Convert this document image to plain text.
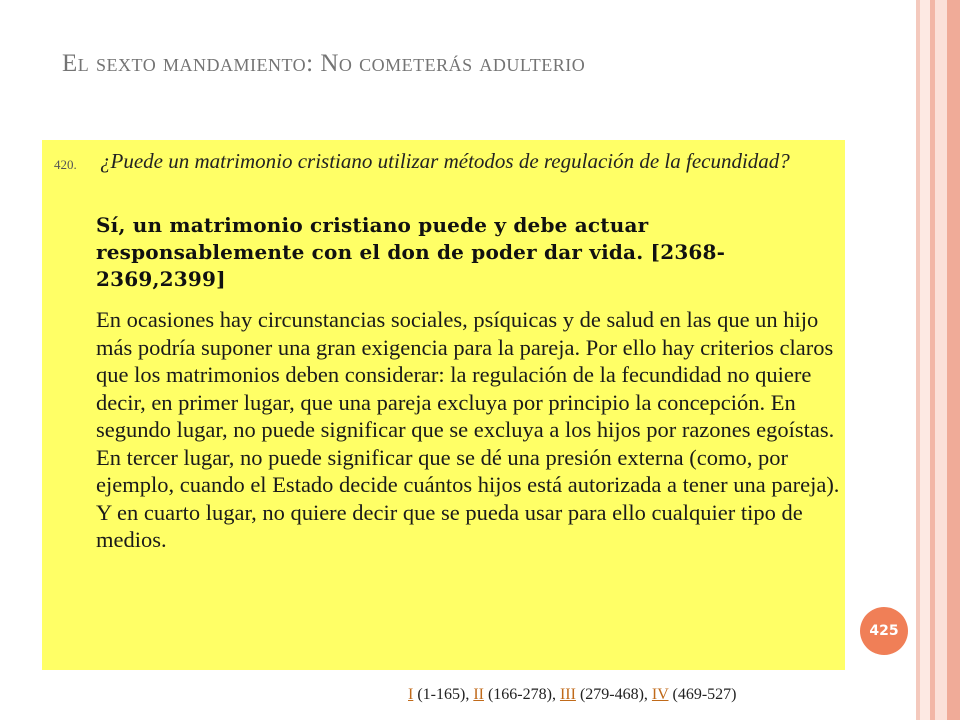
El sexto mandamiento: No cometerás adulterio
420. ¿Puede un matrimonio cristiano utilizar métodos de regulación de la fecundidad?
Sí, un matrimonio cristiano puede y debe actuar responsablemente con el don de poder dar vida. [2368-2369,2399]
En ocasiones hay circunstancias sociales, psíquicas y de salud en las que un hijo más podría suponer una gran exigencia para la pareja. Por ello hay criterios claros que los matrimonios deben considerar: la regulación de la fecundidad no quiere decir, en primer lugar, que una pareja excluya por principio la concepción. En segundo lugar, no puede significar que se excluya a los hijos por razones egoístas. En tercer lugar, no puede significar que se dé una presión externa (como, por ejemplo, cuando el Estado decide cuántos hijos está autorizada a tener una pareja). Y en cuarto lugar, no quiere decir que se pueda usar para ello cualquier tipo de medios.
425
I (1-165), II (166-278), III (279-468), IV (469-527)
